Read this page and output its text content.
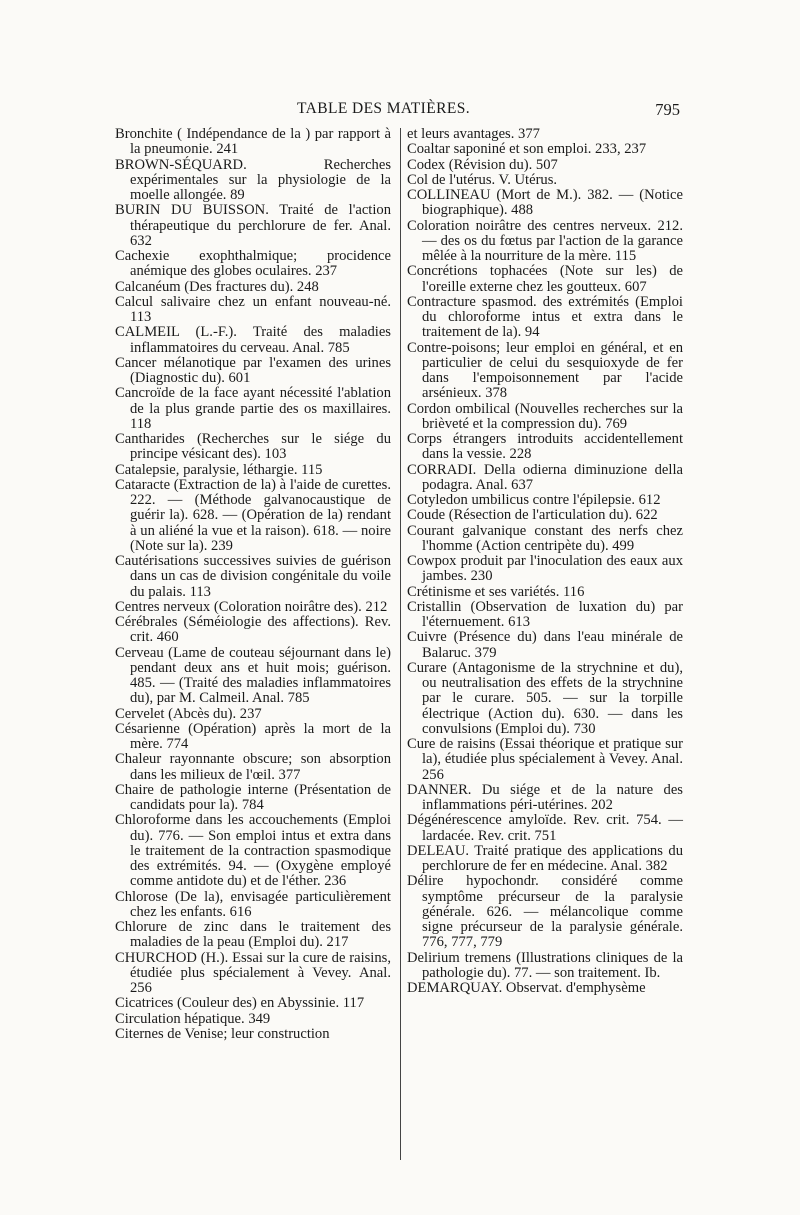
TABLE DES MATIÈRES.	795

Bronchite ( Indépendance de la ) par rapport à la pneumonie. 241

BROWN-SÉQUARD. Recherches expérimentales sur la physiologie de la moelle allongée. 89

BURIN DU BUISSON. Traité de l'action thérapeutique du perchlorure de fer. Anal. 632

Cachexie exophthalmique; procidence anémique des globes oculaires. 237

Calcanéum (Des fractures du). 248

Calcul salivaire chez un enfant nouveau-né. 113

CALMEIL (L.-F.). Traité des maladies inflammatoires du cerveau. Anal. 785

Cancer mélanotique par l'examen des urines (Diagnostic du). 601

Cancroïde de la face ayant nécessité l'ablation de la plus grande partie des os maxillaires. 118

Cantharides (Recherches sur le siége du principe vésicant des). 103

Catalepsie, paralysie, léthargie. 115

Cataracte (Extraction de la) à l'aide de curettes. 222. — (Méthode galvanocaustique de guérir la). 628. — (Opération de la) rendant à un aliéné la vue et la raison). 618. — noire (Note sur la). 239

Cautérisations successives suivies de guérison dans un cas de division congénitale du voile du palais. 113

Centres nerveux (Coloration noirâtre des). 212

Cérébrales (Séméiologie des affections). Rev. crit. 460

Cerveau (Lame de couteau séjournant dans le) pendant deux ans et huit mois; guérison. 485. — (Traité des maladies inflammatoires du), par M. Calmeil. Anal. 785

Cervelet (Abcès du). 237

Césarienne (Opération) après la mort de la mère. 774

Chaleur rayonnante obscure; son absorption dans les milieux de l'œil. 377

Chaire de pathologie interne (Présentation de candidats pour la). 784

Chloroforme dans les accouchements (Emploi du). 776. — Son emploi intus et extra dans le traitement de la contraction spasmodique des extrémités. 94. — (Oxygène employé comme antidote du) et de l'éther. 236

Chlorose (De la), envisagée particulièrement chez les enfants. 616

Chlorure de zinc dans le traitement des maladies de la peau (Emploi du). 217

CHURCHOD (H.). Essai sur la cure de raisins, étudiée plus spécialement à Vevey. Anal. 256

Cicatrices (Couleur des) en Abyssinie. 117

Circulation hépatique. 349

Citernes de Venise; leur construction

et leurs avantages. 377

Coaltar saponiné et son emploi. 233, 237

Codex (Révision du). 507

Col de l'utérus. V. Utérus.

COLLINEAU (Mort de M.). 382. — (Notice biographique). 488

Coloration noirâtre des centres nerveux. 212. — des os du fœtus par l'action de la garance mêlée à la nourriture de la mère. 115

Concrétions tophacées (Note sur les) de l'oreille externe chez les goutteux. 607

Contracture spasmod. des extrémités (Emploi du chloroforme intus et extra dans le traitement de la). 94

Contre-poisons; leur emploi en général, et en particulier de celui du sesquioxyde de fer dans l'empoisonnement par l'acide arsénieux. 378

Cordon ombilical (Nouvelles recherches sur la brièveté et la compression du). 769

Corps étrangers introduits accidentellement dans la vessie. 228

CORRADI. Della odierna diminuzione della podagra. Anal. 637

Cotyledon umbilicus contre l'épilepsie. 612

Coude (Résection de l'articulation du). 622

Courant galvanique constant des nerfs chez l'homme (Action centripète du). 499

Cowpox produit par l'inoculation des eaux aux jambes. 230

Crétinisme et ses variétés. 116

Cristallin (Observation de luxation du) par l'éternuement. 613

Cuivre (Présence du) dans l'eau minérale de Balaruc. 379

Curare (Antagonisme de la strychnine et du), ou neutralisation des effets de la strychnine par le curare. 505. — sur la torpille électrique (Action du). 630. — dans les convulsions (Emploi du). 730

Cure de raisins (Essai théorique et pratique sur la), étudiée plus spécialement à Vevey. Anal. 256

DANNER. Du siége et de la nature des inflammations péri-utérines. 202

Dégénérescence amyloïde. Rev. crit. 754. — lardacée. Rev. crit. 751

DELEAU. Traité pratique des applications du perchlorure de fer en médecine. Anal. 382

Délire hypochondr. considéré comme symptôme précurseur de la paralysie générale. 626. — mélancolique comme signe précurseur de la paralysie générale. 776, 777, 779

Delirium tremens (Illustrations cliniques de la pathologie du). 77. — son traitement. Ib.

DEMARQUAY. Observat. d'emphysème
